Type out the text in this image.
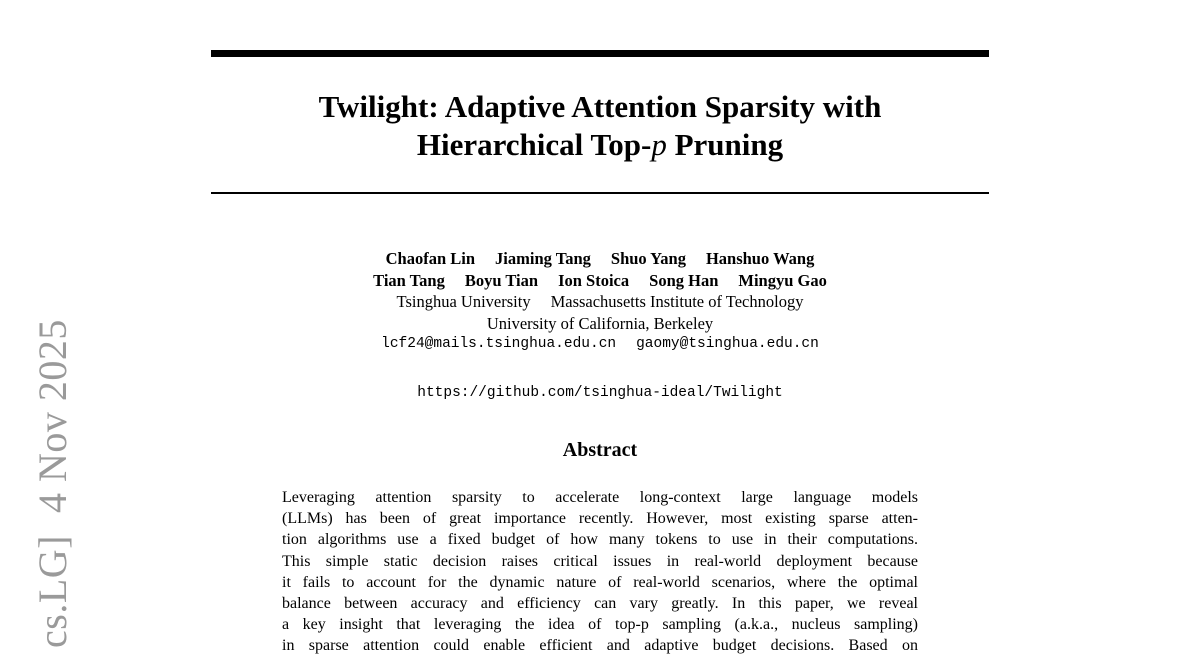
cs.LG]4 Nov 2025
Twilight: Adaptive Attention Sparsity with
Hierarchical Top-p Pruning
Chaofan Lin Jiaming Tang Shuo Yang Hanshuo Wang
Tian Tang Boyu Tian Ion Stoica Song Han Mingyu Gao
Tsinghua University Massachusetts Institute of Technology
University of California, Berkeley
lcf24@mails.tsinghua.edu.cn gaomy@tsinghua.edu.cn
https://github.com/tsinghua-ideal/Twilight
Abstract
Leveraging attention sparsity to accelerate long-context large language models
(LLMs) has been of great importance recently. However, most existing sparse atten-
tion algorithms use a fixed budget of how many tokens to use in their computations.
This simple static decision raises critical issues in real-world deployment because
it fails to account for the dynamic nature of real-world scenarios, where the optimal
balance between accuracy and efficiency can vary greatly. In this paper, we reveal
a key insight that leveraging the idea of top-p sampling (a.k.a., nucleus sampling)
in sparse attention could enable efficient and adaptive budget decisions. Based on
